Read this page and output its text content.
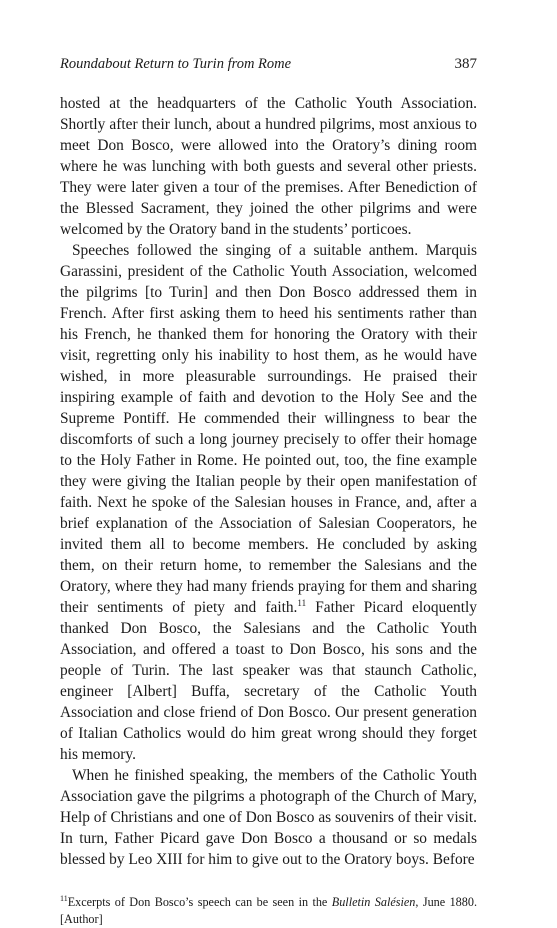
Roundabout Return to Turin from Rome	387

hosted at the headquarters of the Catholic Youth Association. Shortly after their lunch, about a hundred pilgrims, most anxious to meet Don Bosco, were allowed into the Oratory’s dining room where he was lunching with both guests and several other priests. They were later given a tour of the premises. After Benediction of the Blessed Sacrament, they joined the other pilgrims and were welcomed by the Oratory band in the students’ porticoes.

Speeches followed the singing of a suitable anthem. Marquis Garassini, president of the Catholic Youth Association, welcomed the pilgrims [to Turin] and then Don Bosco addressed them in French. After first asking them to heed his sentiments rather than his French, he thanked them for honoring the Oratory with their visit, regretting only his inability to host them, as he would have wished, in more pleasurable surroundings. He praised their inspiring example of faith and devotion to the Holy See and the Supreme Pontiff. He commended their willingness to bear the discomforts of such a long journey precisely to offer their homage to the Holy Father in Rome. He pointed out, too, the fine example they were giving the Italian people by their open manifestation of faith. Next he spoke of the Salesian houses in France, and, after a brief explanation of the Association of Salesian Cooperators, he invited them all to become members. He concluded by asking them, on their return home, to remember the Salesians and the Oratory, where they had many friends praying for them and sharing their sentiments of piety and faith.$^{11}$ Father Picard eloquently thanked Don Bosco, the Salesians and the Catholic Youth Association, and offered a toast to Don Bosco, his sons and the people of Turin. The last speaker was that staunch Catholic, engineer [Albert] Buffa, secretary of the Catholic Youth Association and close friend of Don Bosco. Our present generation of Italian Catholics would do him great wrong should they forget his memory.

When he finished speaking, the members of the Catholic Youth Association gave the pilgrims a photograph of the Church of Mary, Help of Christians and one of Don Bosco as souvenirs of their visit. In turn, Father Picard gave Don Bosco a thousand or so medals blessed by Leo XIII for him to give out to the Oratory boys. Before

$^{11}$Excerpts of Don Bosco’s speech can be seen in the Bulletin Salésien, June 1880. [Author]
